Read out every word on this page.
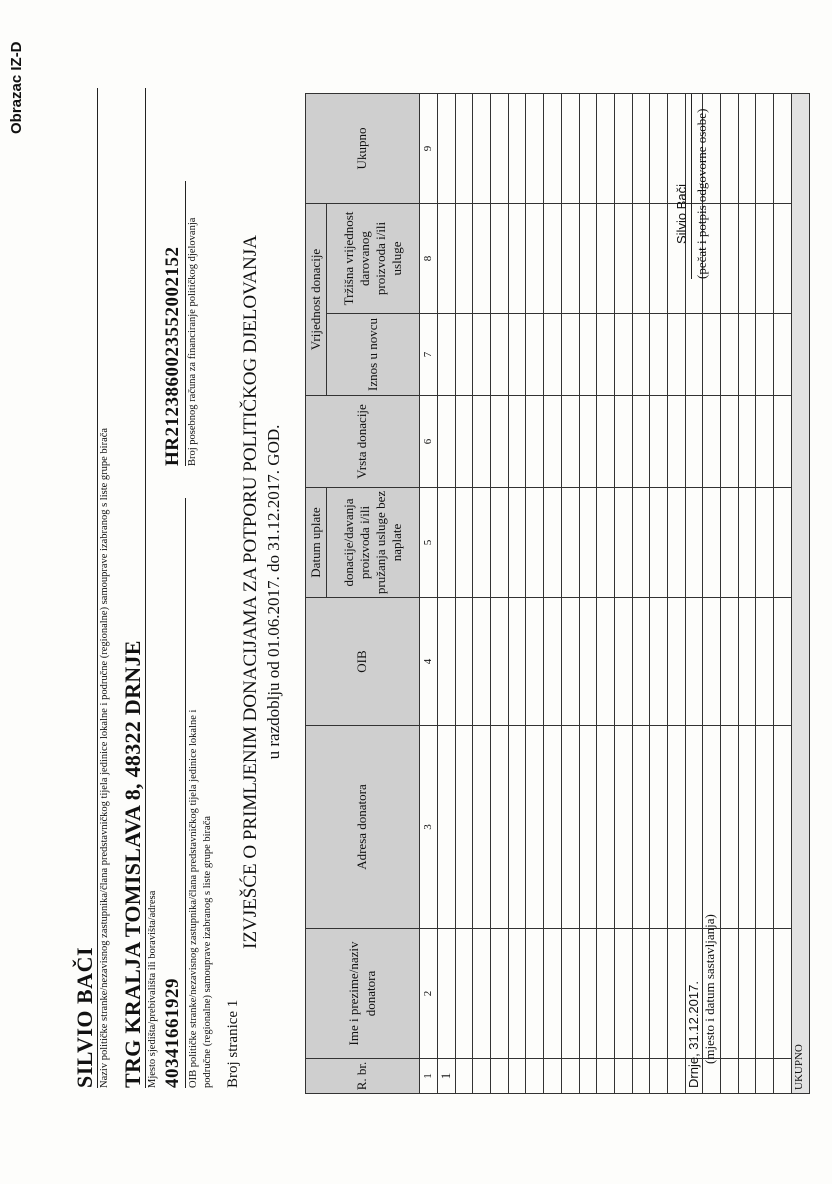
Obrazac IZ-D
SILVIO BAČI Naziv političke stranke/nezavisnog zastupnika/člana predstavničkog tijela jedinice lokalne i područne (regionalne) samouprave izabranog s liste grupe birača TRG KRALJA TOMISLAVA 8, 48322 DRNJE Mjesto sjedišta/prebivališta ili boravišta/adresa 40341661929 OIB političke stranke/nezavisnog zastupnika/člana predstavničkog tijela jedinice lokalne i područne (regionalne) samouprave izabranog s liste grupe birača
HR2123860023552002152 Broj posebnog računa za financiranje političkog djelovanja
Broj stranice 1
IZVJEŠĆE O PRIMLJENIM DONACIJAMA ZA POTPORU POLITIČKOG DJELOVANJA u razdoblju od 01.06.2017. do 31.12.2017. GOD.
R. br.	Ime i prezime/naziv donatora	Adresa donatora	OIB	Datum uplate	Vrsta donacije	Vrijednost donacije		Ukupno
				donacije/davanja proizvoda i/ili pružanja usluge bez naplate		Iznos u novcu	Tržišna vrijednost darovanog proizvoda i/ili usluge	
1	2	3	4	5	6	7	8	9
1								

UKUPNO								
Drnje, 31.12.2017. (mjesto i datum sastavljanja)
Silvio Bači (pečat i potpis odgovorne osobe)
